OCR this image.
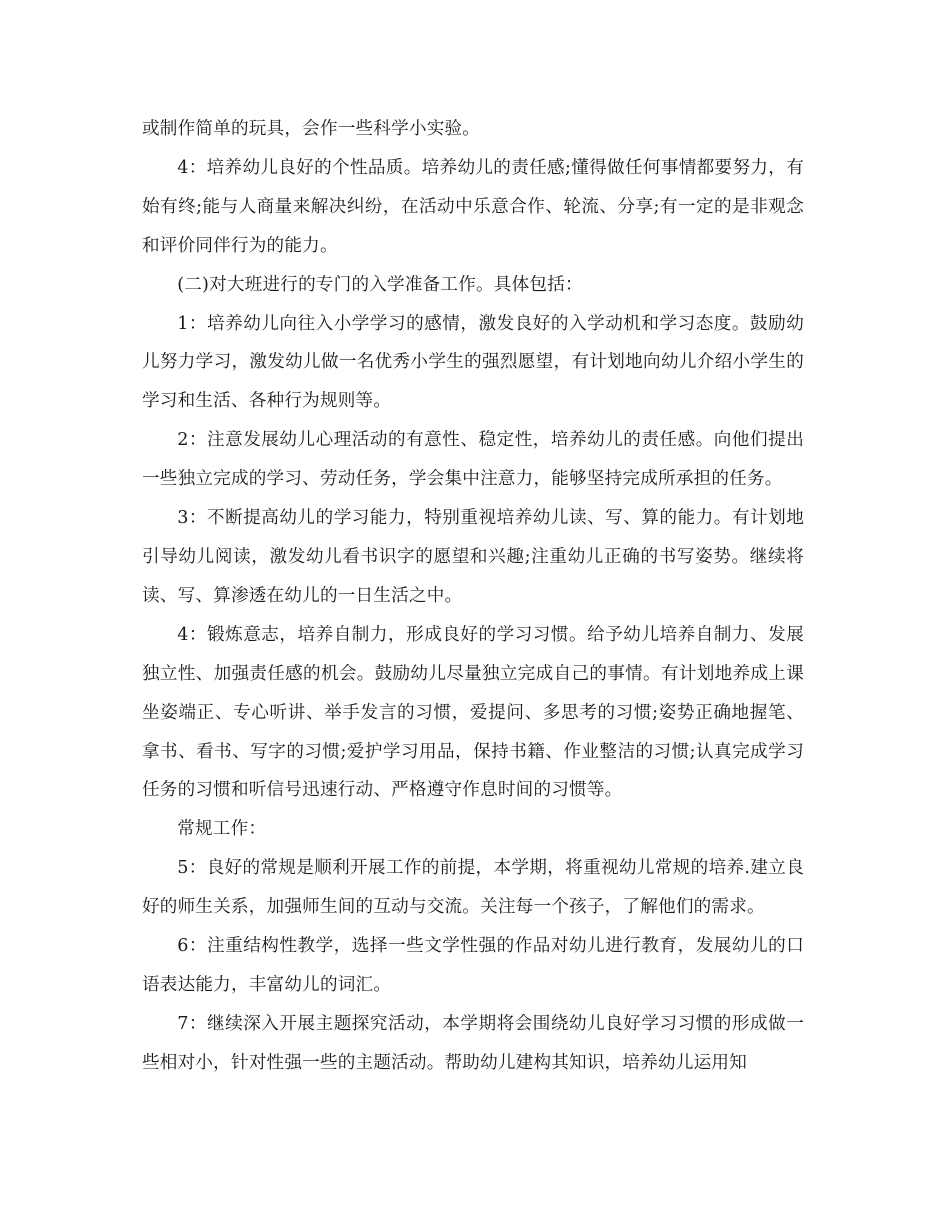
或制作简单的玩具，会作一些科学小实验。

4：培养幼儿良好的个性品质。培养幼儿的责任感;懂得做任何事情都要努力，有始有终;能与人商量来解决纠纷，在活动中乐意合作、轮流、分享;有一定的是非观念和评价同伴行为的能力。

(二)对大班进行的专门的入学准备工作。具体包括：

1：培养幼儿向往入小学学习的感情，激发良好的入学动机和学习态度。鼓励幼儿努力学习，激发幼儿做一名优秀小学生的强烈愿望，有计划地向幼儿介绍小学生的学习和生活、各种行为规则等。

2：注意发展幼儿心理活动的有意性、稳定性，培养幼儿的责任感。向他们提出一些独立完成的学习、劳动任务，学会集中注意力，能够坚持完成所承担的任务。

3：不断提高幼儿的学习能力，特别重视培养幼儿读、写、算的能力。有计划地引导幼儿阅读，激发幼儿看书识字的愿望和兴趣;注重幼儿正确的书写姿势。继续将读、写、算渗透在幼儿的一日生活之中。

4：锻炼意志，培养自制力，形成良好的学习习惯。给予幼儿培养自制力、发展独立性、加强责任感的机会。鼓励幼儿尽量独立完成自己的事情。有计划地养成上课坐姿端正、专心听讲、举手发言的习惯，爱提问、多思考的习惯;姿势正确地握笔、拿书、看书、写字的习惯;爱护学习用品，保持书籍、作业整洁的习惯;认真完成学习任务的习惯和听信号迅速行动、严格遵守作息时间的习惯等。

常规工作：

5：良好的常规是顺利开展工作的前提，本学期，将重视幼儿常规的培养.建立良好的师生关系，加强师生间的互动与交流。关注每一个孩子，了解他们的需求。

6：注重结构性教学，选择一些文学性强的作品对幼儿进行教育，发展幼儿的口语表达能力，丰富幼儿的词汇。

7：继续深入开展主题探究活动，本学期将会围绕幼儿良好学习习惯的形成做一些相对小，针对性强一些的主题活动。帮助幼儿建构其知识，培养幼儿运用知
